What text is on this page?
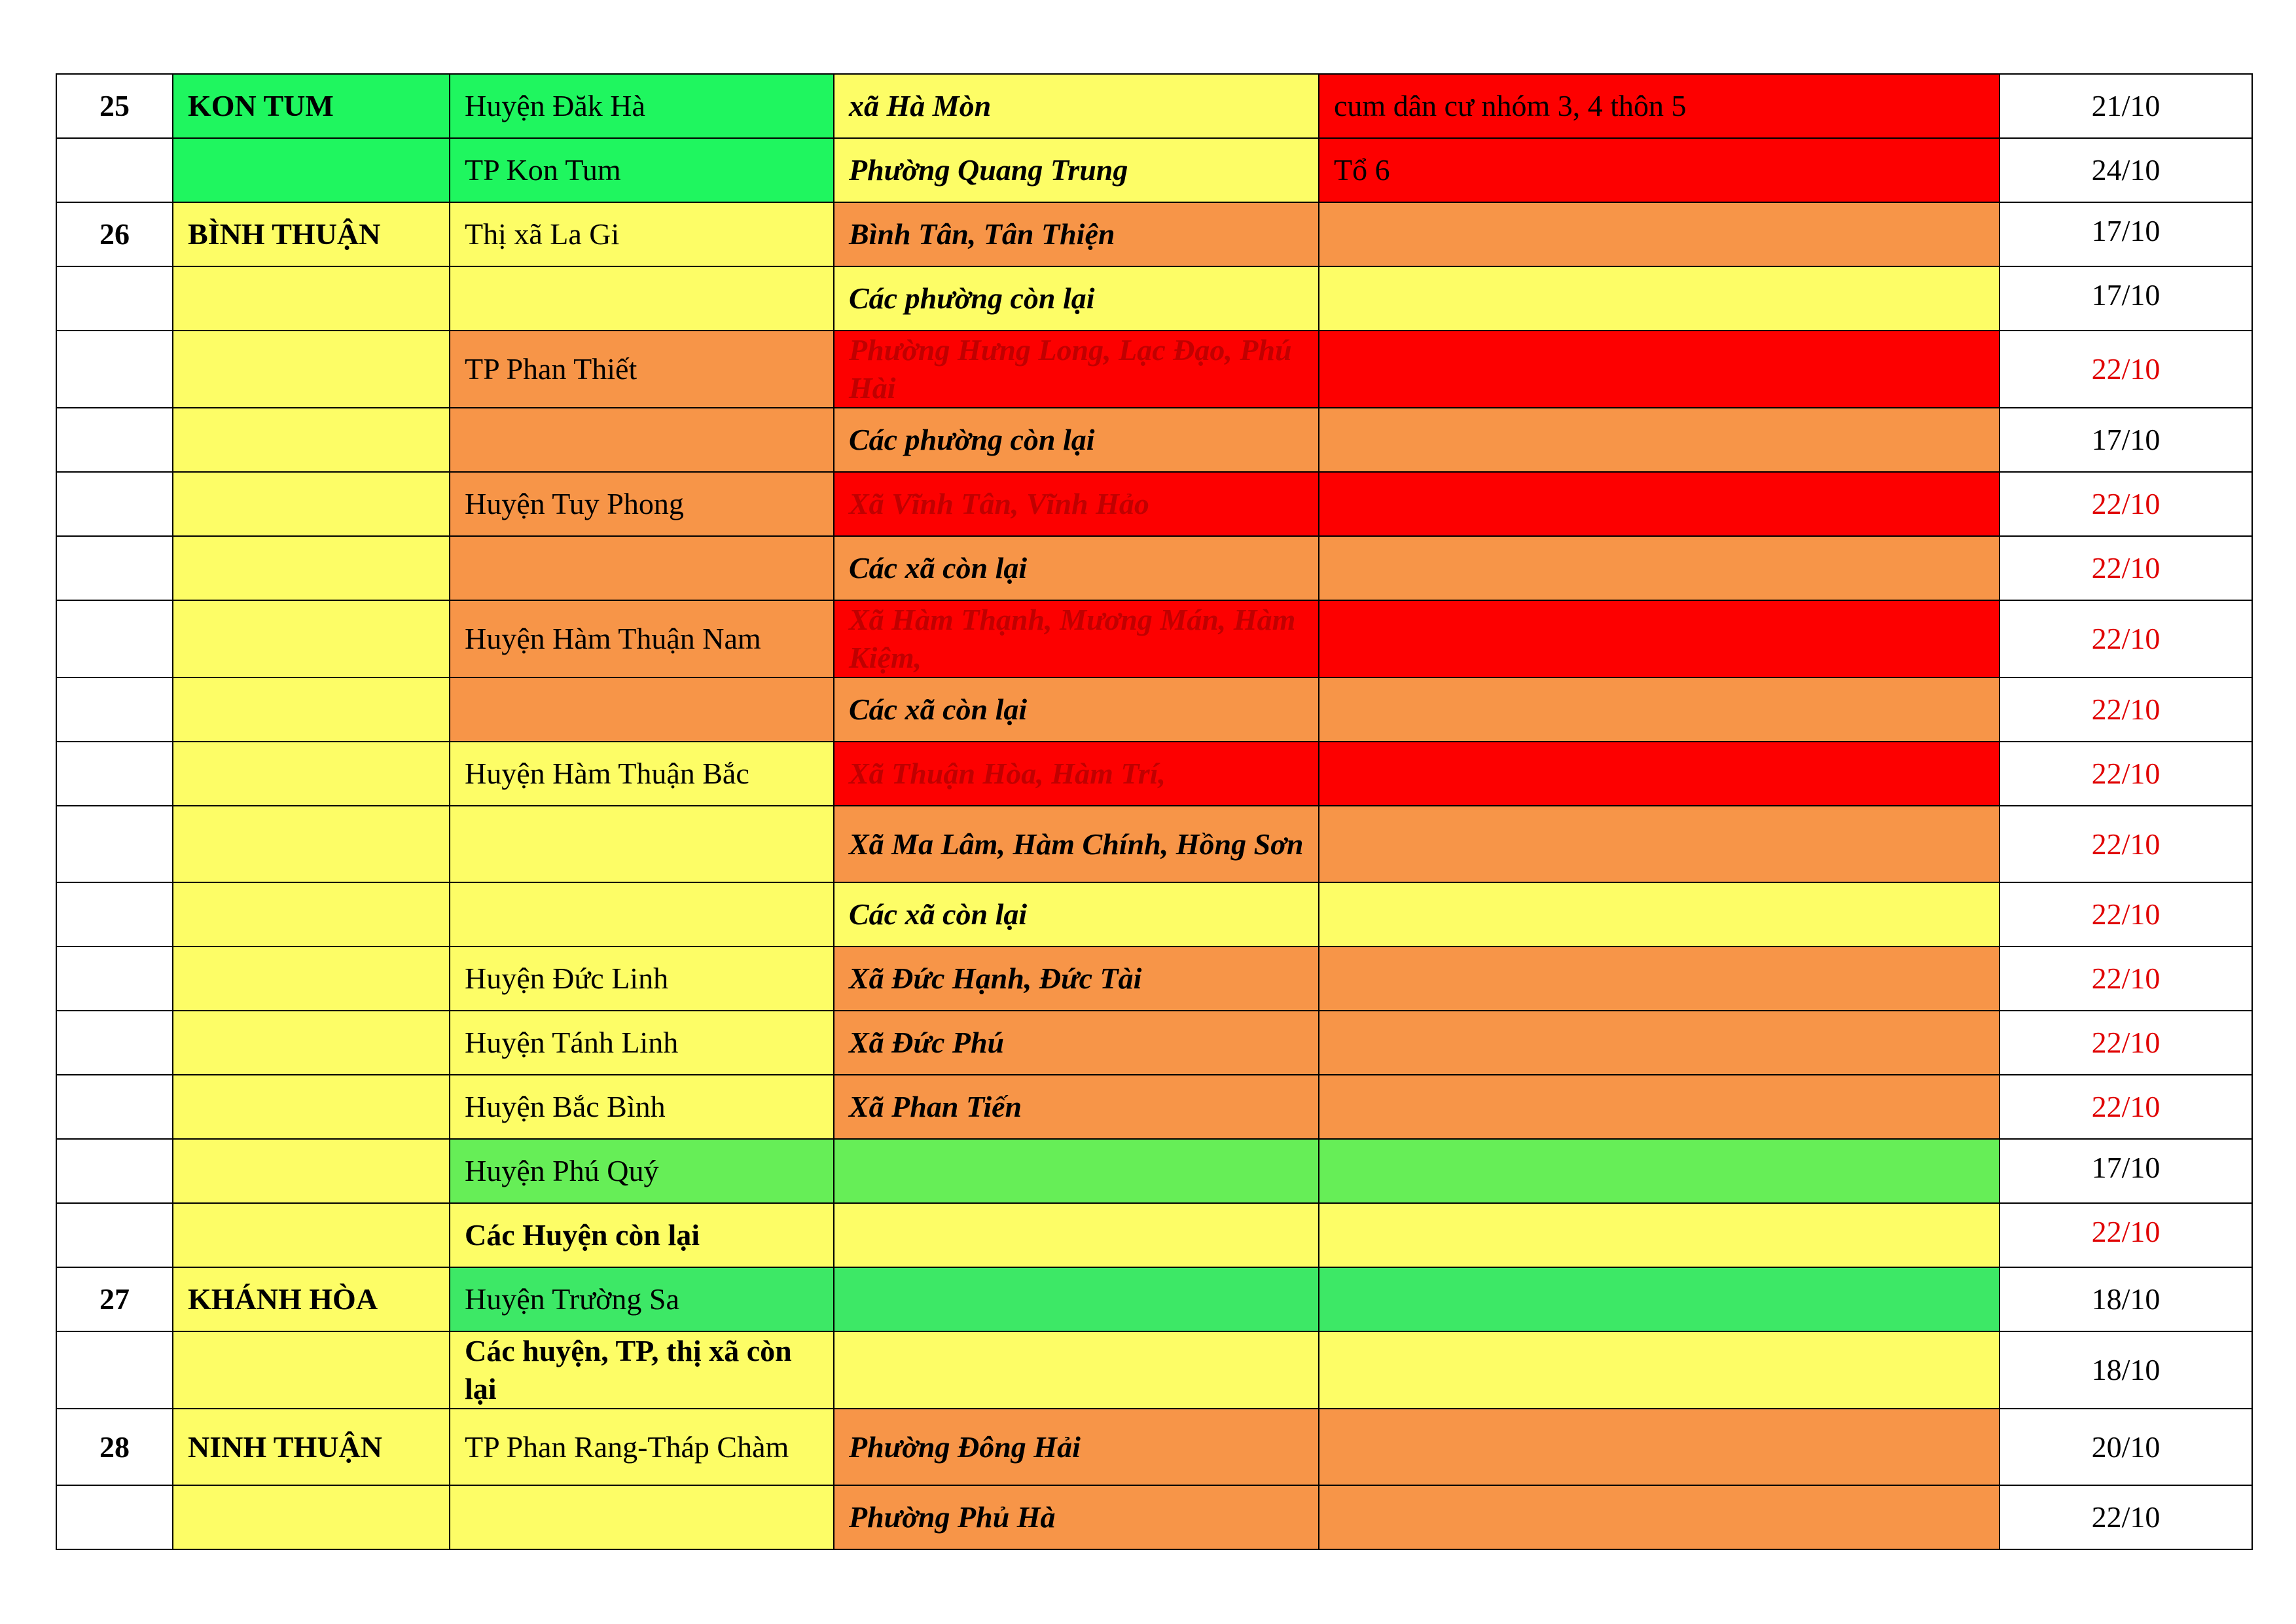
25	KON TUM	Huyện Đăk Hà	xã Hà Mòn	cum dân cư nhóm 3, 4 thôn 5	21/10
		TP Kon Tum	Phường Quang Trung	Tổ 6	24/10
26	BÌNH THUẬN	Thị xã La Gi	Bình Tân, Tân Thiện		17/10
			Các phường còn lại		17/10
		TP Phan Thiết	Phường Hưng Long, Lạc Đạo, Phú Hài		22/10
			Các phường còn lại		17/10
		Huyện Tuy Phong	Xã Vĩnh Tân, Vĩnh Hảo		22/10
			Các xã còn lại		22/10
		Huyện Hàm Thuận Nam	Xã Hàm Thạnh, Mương Mán, Hàm Kiệm,		22/10
			Các xã còn lại		22/10
		Huyện Hàm Thuận Bắc	Xã Thuận Hòa, Hàm Trí,		22/10
			Xã Ma Lâm, Hàm Chính, Hồng Sơn		22/10
			Các xã còn lại		22/10
		Huyện Đức Linh	Xã Đức Hạnh, Đức Tài		22/10
		Huyện Tánh Linh	Xã Đức Phú		22/10
		Huyện Bắc Bình	Xã Phan Tiến		22/10
		Huyện Phú Quý			17/10
		Các Huyện còn lại			22/10
27	KHÁNH HÒA	Huyện Trường Sa			18/10
		Các huyện, TP, thị xã còn lại			18/10
28	NINH THUẬN	TP Phan Rang-Tháp Chàm	Phường Đông Hải		20/10
			Phường Phủ Hà		22/10
